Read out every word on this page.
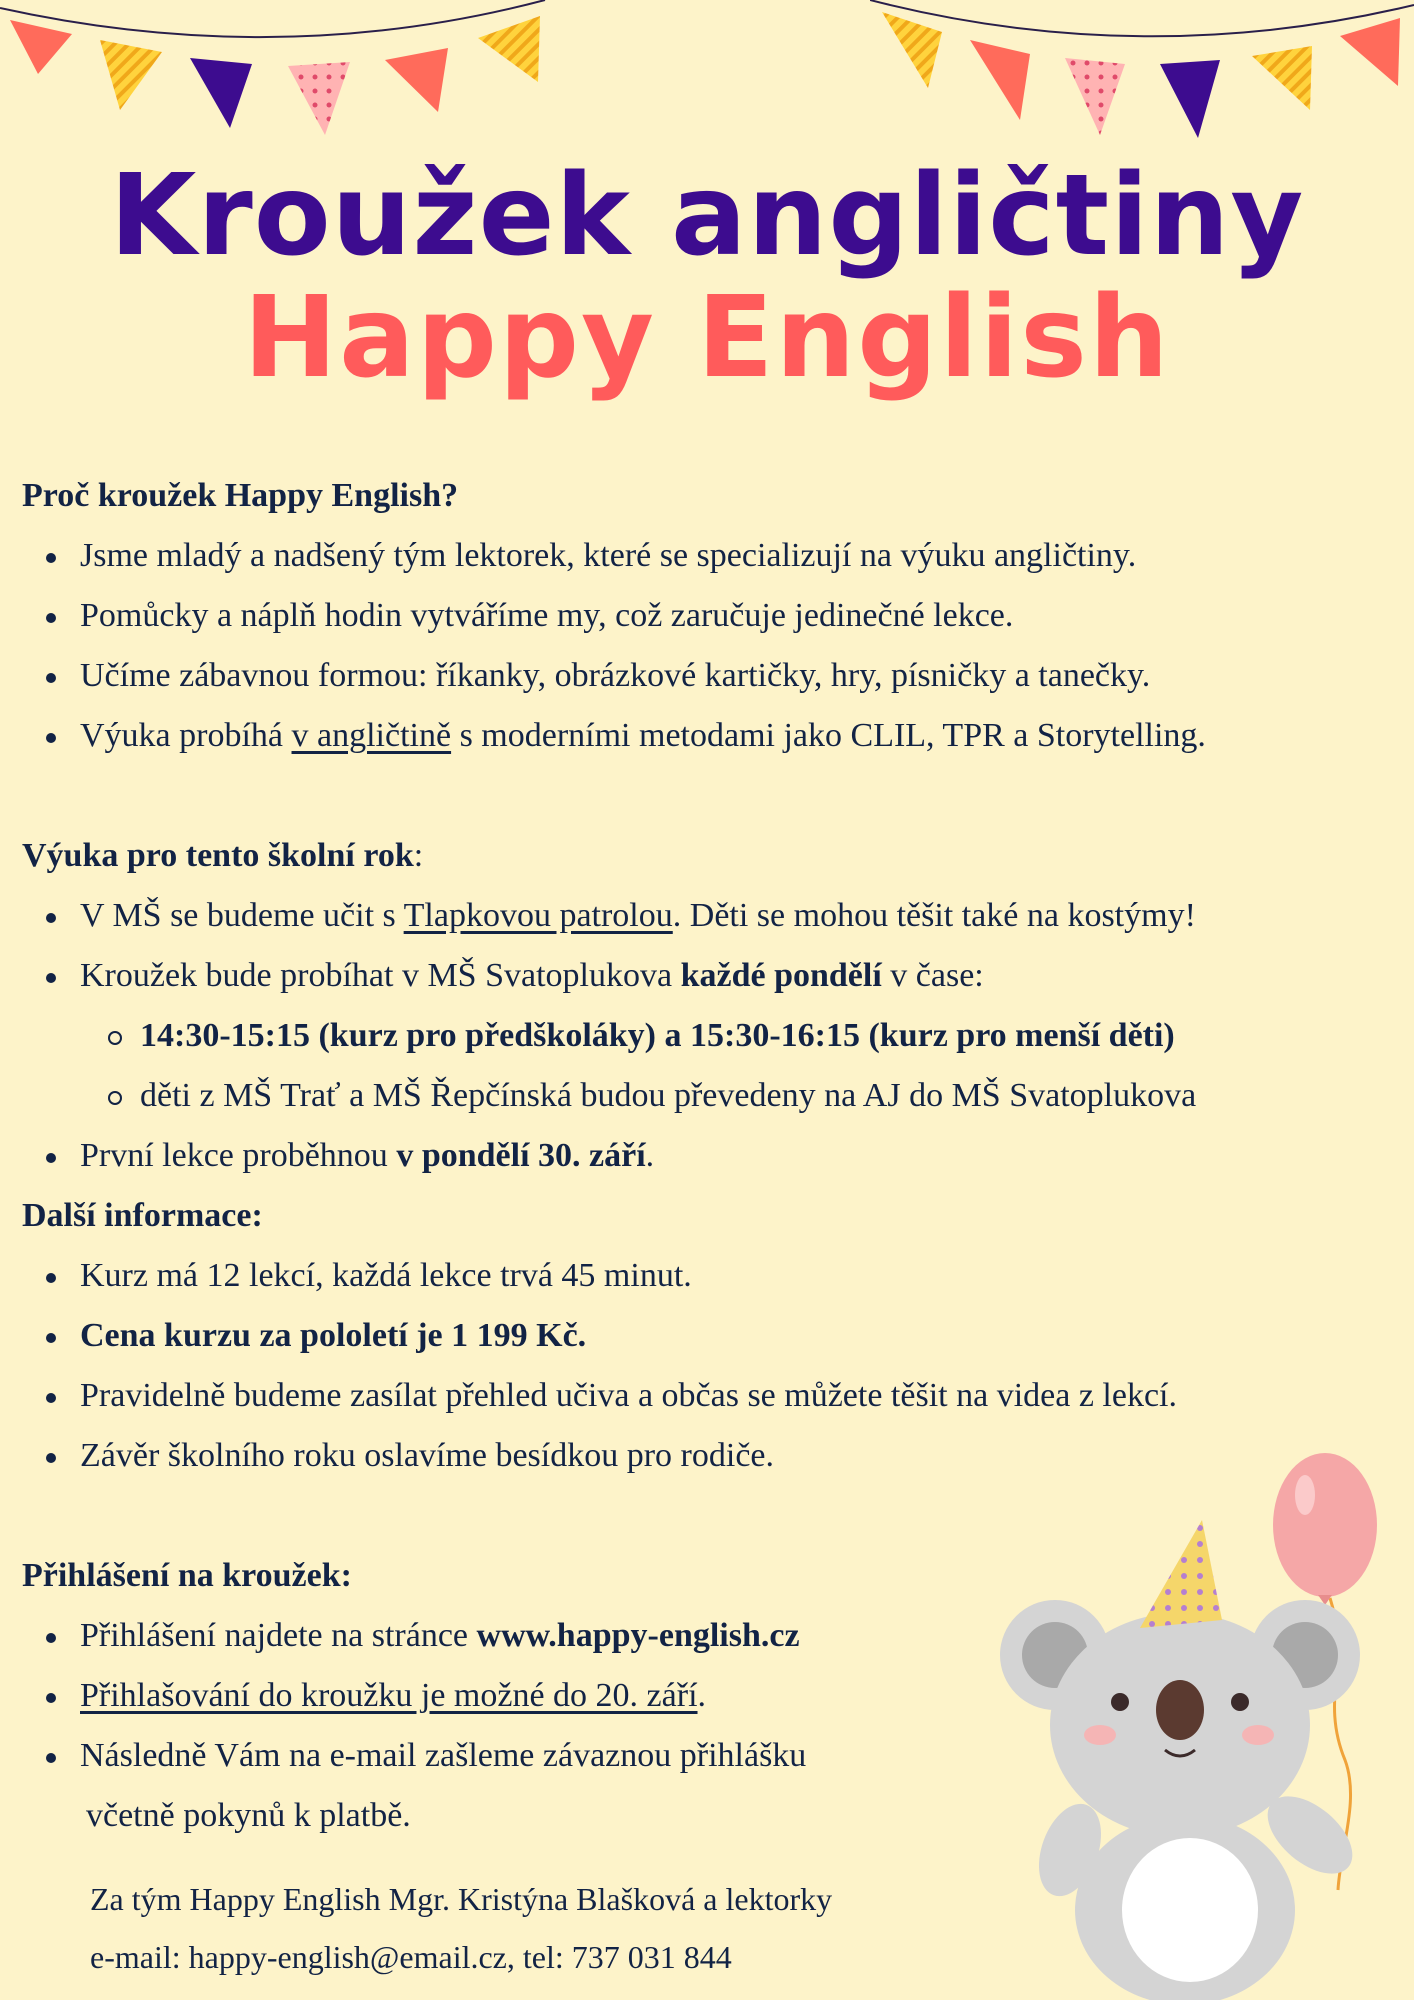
Kroužek angličtiny
Happy English
Proč kroužek Happy English?
Jsme mladý a nadšený tým lektorek, které se specializují na výuku angličtiny.
Pomůcky a náplň hodin vytváříme my, což zaručuje jedinečné lekce.
Učíme zábavnou formou: říkanky, obrázkové kartičky, hry, písničky a tanečky.
Výuka probíhá v angličtině s moderními metodami jako CLIL, TPR a Storytelling.
Výuka pro tento školní rok:
V MŠ se budeme učit s Tlapkovou patrolou. Děti se mohou těšit také na kostýmy!
Kroužek bude probíhat v MŠ Svatoplukova každé pondělí v čase:
14:30-15:15 (kurz pro předškoláky) a 15:30-16:15 (kurz pro menší děti)
děti z MŠ Trať a MŠ Řepčínská budou převedeny na AJ do MŠ Svatoplukova
První lekce proběhnou v pondělí 30. září.
Další informace:
Kurz má 12 lekcí, každá lekce trvá 45 minut.
Cena kurzu za pololetí je 1 199 Kč.
Pravidelně budeme zasílat přehled učiva a občas se můžete těšit na videa z lekcí.
Závěr školního roku oslavíme besídkou pro rodiče.
Přihlášení na kroužek:
Přihlášení najdete na stránce www.happy-english.cz
Přihlašování do kroužku je možné do 20. září.
Následně Vám na e-mail zašleme závaznou přihlášku
včetně pokynů k platbě.
Za tým Happy English Mgr. Kristýna Blašková a lektorky
e-mail: happy-english@email.cz, tel: 737 031 844
